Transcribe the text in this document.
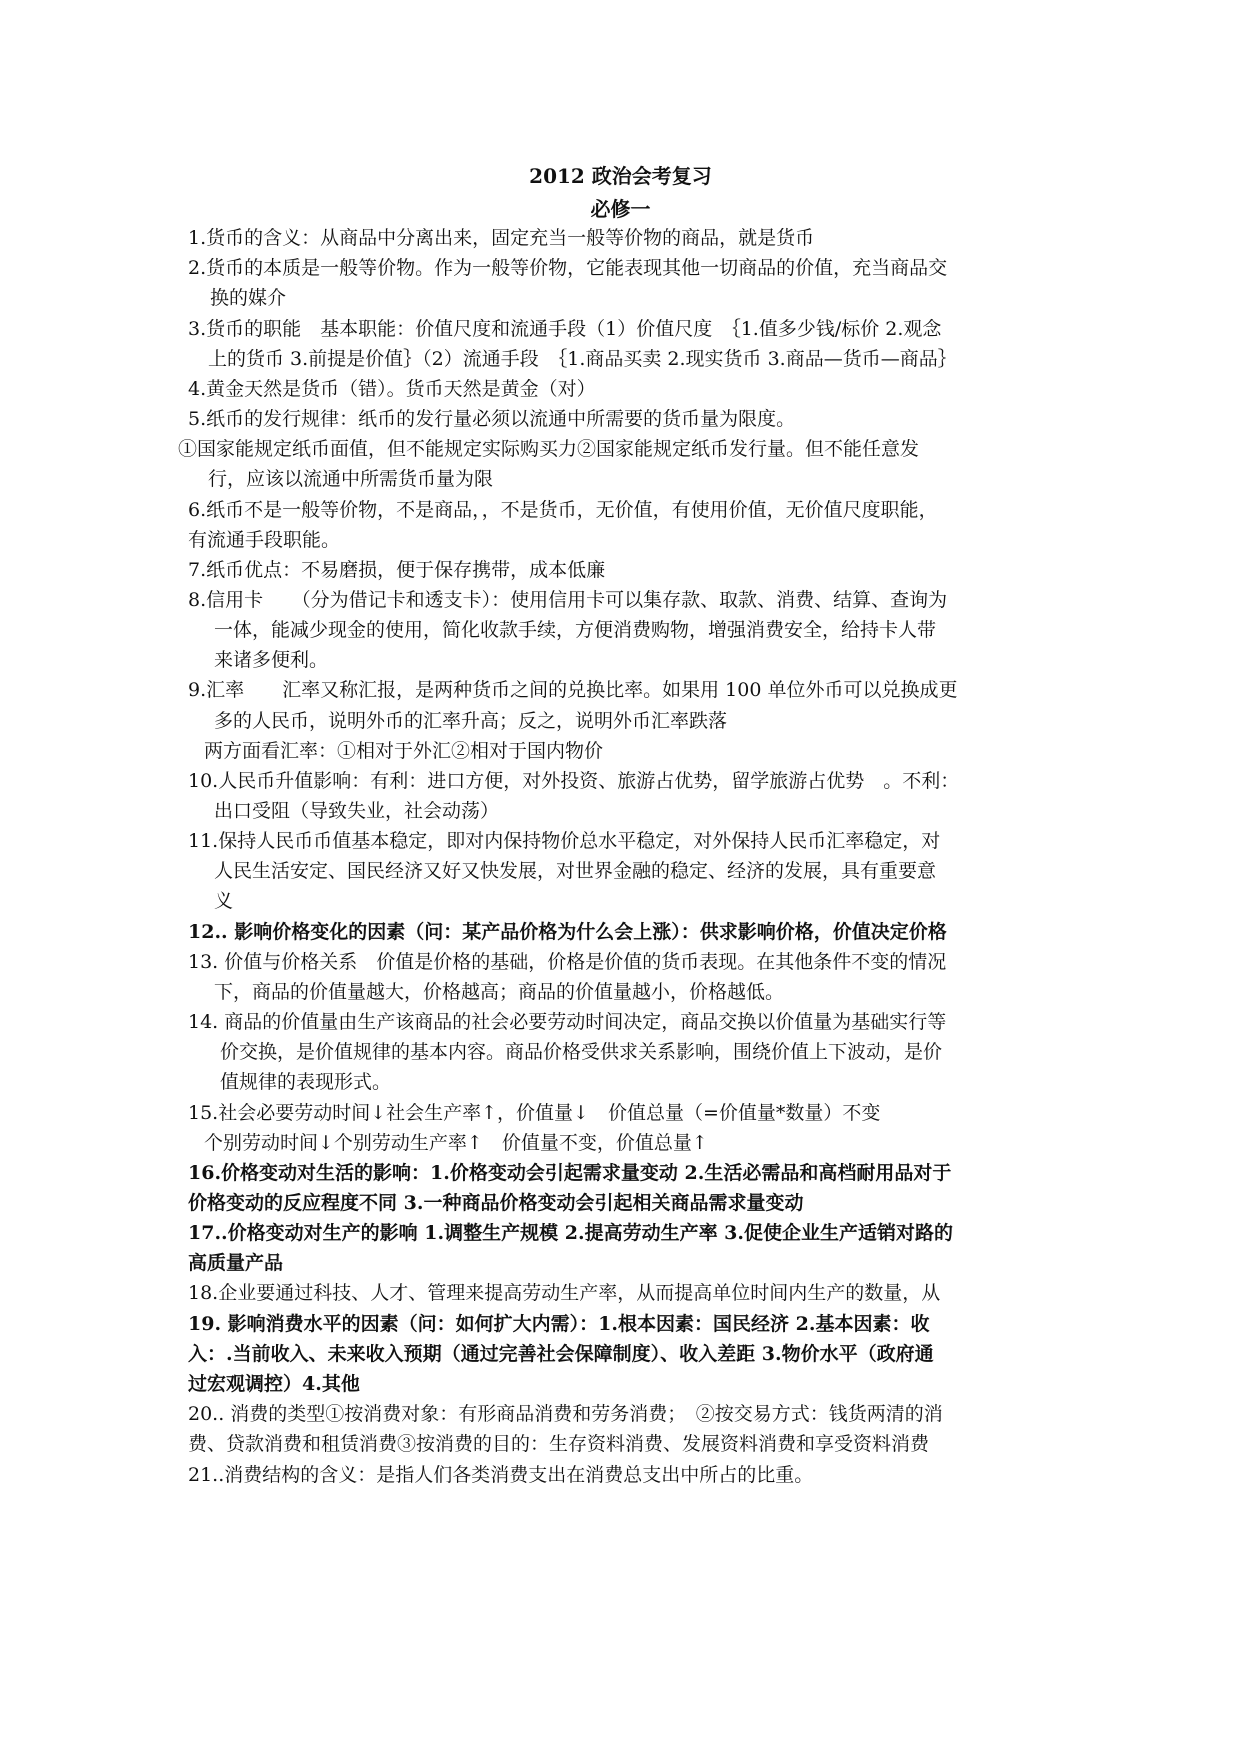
2012 政治会考复习
必修一
1.货币的含义：从商品中分离出来，固定充当一般等价物的商品，就是货币
2.货币的本质是一般等价物。作为一般等价物，它能表现其他一切商品的价值，充当商品交
换的媒介
3.货币的职能　基本职能：价值尺度和流通手段（1）价值尺度　｛1.值多少钱/标价 2.观念
上的货币 3.前提是价值｝（2）流通手段　｛1.商品买卖 2.现实货币 3.商品—货币—商品｝
4.黄金天然是货币（错）。货币天然是黄金（对）
5.纸币的发行规律：纸币的发行量必须以流通中所需要的货币量为限度。
①国家能规定纸币面值，但不能规定实际购买力②国家能规定纸币发行量。但不能任意发
行，应该以流通中所需货币量为限
6.纸币不是一般等价物，不是商品，，不是货币，无价值，有使用价值，无价值尺度职能，
有流通手段职能。
7.纸币优点：不易磨损，便于保存携带，成本低廉
8.信用卡　　（分为借记卡和透支卡）：使用信用卡可以集存款、取款、消费、结算、查询为
一体，能减少现金的使用，简化收款手续，方便消费购物，增强消费安全，给持卡人带
来诸多便利。
9.汇率　　汇率又称汇报，是两种货币之间的兑换比率。如果用 100 单位外币可以兑换成更
多的人民币，说明外币的汇率升高；反之，说明外币汇率跌落
两方面看汇率：①相对于外汇②相对于国内物价
10.人民币升值影响：有利：进口方便，对外投资、旅游占优势，留学旅游占优势　。不利：
出口受阻（导致失业，社会动荡）
11.保持人民币币值基本稳定，即对内保持物价总水平稳定，对外保持人民币汇率稳定，对
人民生活安定、国民经济又好又快发展，对世界金融的稳定、经济的发展，具有重要意
义
12.. 影响价格变化的因素（问：某产品价格为什么会上涨）：供求影响价格，价值决定价格
13. 价值与价格关系　价值是价格的基础，价格是价值的货币表现。在其他条件不变的情况
下，商品的价值量越大，价格越高；商品的价值量越小，价格越低。
14. 商品的价值量由生产该商品的社会必要劳动时间决定，商品交换以价值量为基础实行等
价交换，是价值规律的基本内容。商品价格受供求关系影响，围绕价值上下波动，是价
值规律的表现形式。
15.社会必要劳动时间↓社会生产率↑，价值量↓　价值总量（=价值量*数量）不变
个别劳动时间↓个别劳动生产率↑　价值量不变，价值总量↑
16.价格变动对生活的影响：1.价格变动会引起需求量变动 2.生活必需品和高档耐用品对于
价格变动的反应程度不同 3.一种商品价格变动会引起相关商品需求量变动
17..价格变动对生产的影响 1.调整生产规模 2.提高劳动生产率 3.促使企业生产适销对路的
高质量产品
18.企业要通过科技、人才、管理来提高劳动生产率，从而提高单位时间内生产的数量，从
19. 影响消费水平的因素（问：如何扩大内需）：1.根本因素：国民经济 2.基本因素：收
入：.当前收入、未来收入预期（通过完善社会保障制度）、收入差距 3.物价水平（政府通
过宏观调控）4.其他
20.. 消费的类型①按消费对象：有形商品消费和劳务消费；　②按交易方式：钱货两清的消
费、贷款消费和租赁消费③按消费的目的：生存资料消费、发展资料消费和享受资料消费
21..消费结构的含义：是指人们各类消费支出在消费总支出中所占的比重。
